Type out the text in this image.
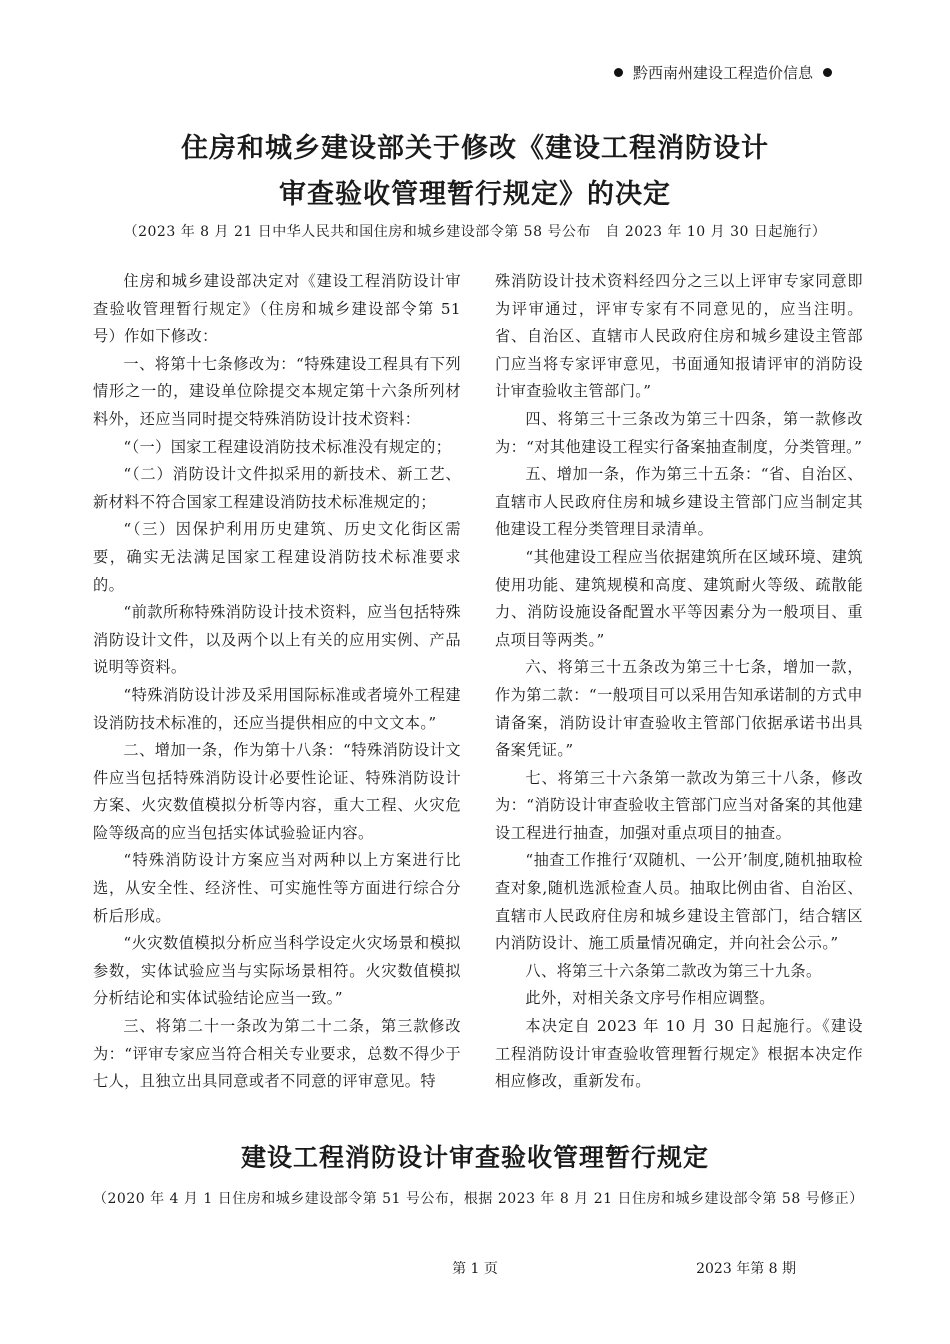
黔西南州建设工程造价信息
住房和城乡建设部关于修改《建设工程消防设计
审查验收管理暂行规定》的决定
（2023 年 8 月 21 日中华人民共和国住房和城乡建设部令第 58 号公布　自 2023 年 10 月 30 日起施行）

住房和城乡建设部决定对《建设工程消防设计审查验收管理暂行规定》（住房和城乡建设部令第 51 号）作如下修改：

一、将第十七条修改为：“特殊建设工程具有下列情形之一的，建设单位除提交本规定第十六条所列材料外，还应当同时提交特殊消防设计技术资料：

“（一）国家工程建设消防技术标准没有规定的；

“（二）消防设计文件拟采用的新技术、新工艺、新材料不符合国家工程建设消防技术标准规定的；

“（三）因保护利用历史建筑、历史文化街区需要，确实无法满足国家工程建设消防技术标准要求的。

“前款所称特殊消防设计技术资料，应当包括特殊消防设计文件，以及两个以上有关的应用实例、产品说明等资料。

“特殊消防设计涉及采用国际标准或者境外工程建设消防技术标准的，还应当提供相应的中文文本。”

二、增加一条，作为第十八条：“特殊消防设计文件应当包括特殊消防设计必要性论证、特殊消防设计方案、火灾数值模拟分析等内容，重大工程、火灾危险等级高的应当包括实体试验验证内容。

“特殊消防设计方案应当对两种以上方案进行比选，从安全性、经济性、可实施性等方面进行综合分析后形成。

“火灾数值模拟分析应当科学设定火灾场景和模拟参数，实体试验应当与实际场景相符。火灾数值模拟分析结论和实体试验结论应当一致。”

三、将第二十一条改为第二十二条，第三款修改为：“评审专家应当符合相关专业要求，总数不得少于七人，且独立出具同意或者不同意的评审意见。特

殊消防设计技术资料经四分之三以上评审专家同意即为评审通过，评审专家有不同意见的，应当注明。省、自治区、直辖市人民政府住房和城乡建设主管部门应当将专家评审意见，书面通知报请评审的消防设计审查验收主管部门。”

四、将第三十三条改为第三十四条，第一款修改为：“对其他建设工程实行备案抽查制度，分类管理。”

五、增加一条，作为第三十五条：“省、自治区、直辖市人民政府住房和城乡建设主管部门应当制定其他建设工程分类管理目录清单。

“其他建设工程应当依据建筑所在区域环境、建筑使用功能、建筑规模和高度、建筑耐火等级、疏散能力、消防设施设备配置水平等因素分为一般项目、重点项目等两类。”

六、将第三十五条改为第三十七条，增加一款，作为第二款：“一般项目可以采用告知承诺制的方式申请备案，消防设计审查验收主管部门依据承诺书出具备案凭证。”

七、将第三十六条第一款改为第三十八条，修改为：“消防设计审查验收主管部门应当对备案的其他建设工程进行抽查，加强对重点项目的抽查。

“抽查工作推行‘双随机、一公开’制度,随机抽取检查对象,随机选派检查人员。抽取比例由省、自治区、直辖市人民政府住房和城乡建设主管部门，结合辖区内消防设计、施工质量情况确定，并向社会公示。”

八、将第三十六条第二款改为第三十九条。

此外，对相关条文序号作相应调整。

本决定自 2023 年 10 月 30 日起施行。《建设工程消防设计审查验收管理暂行规定》根据本决定作相应修改，重新发布。

建设工程消防设计审查验收管理暂行规定
（2020 年 4 月 1 日住房和城乡建设部令第 51 号公布，根据 2023 年 8 月 21 日住房和城乡建设部令第 58 号修正）
第 1 页	2023 年第 8 期
